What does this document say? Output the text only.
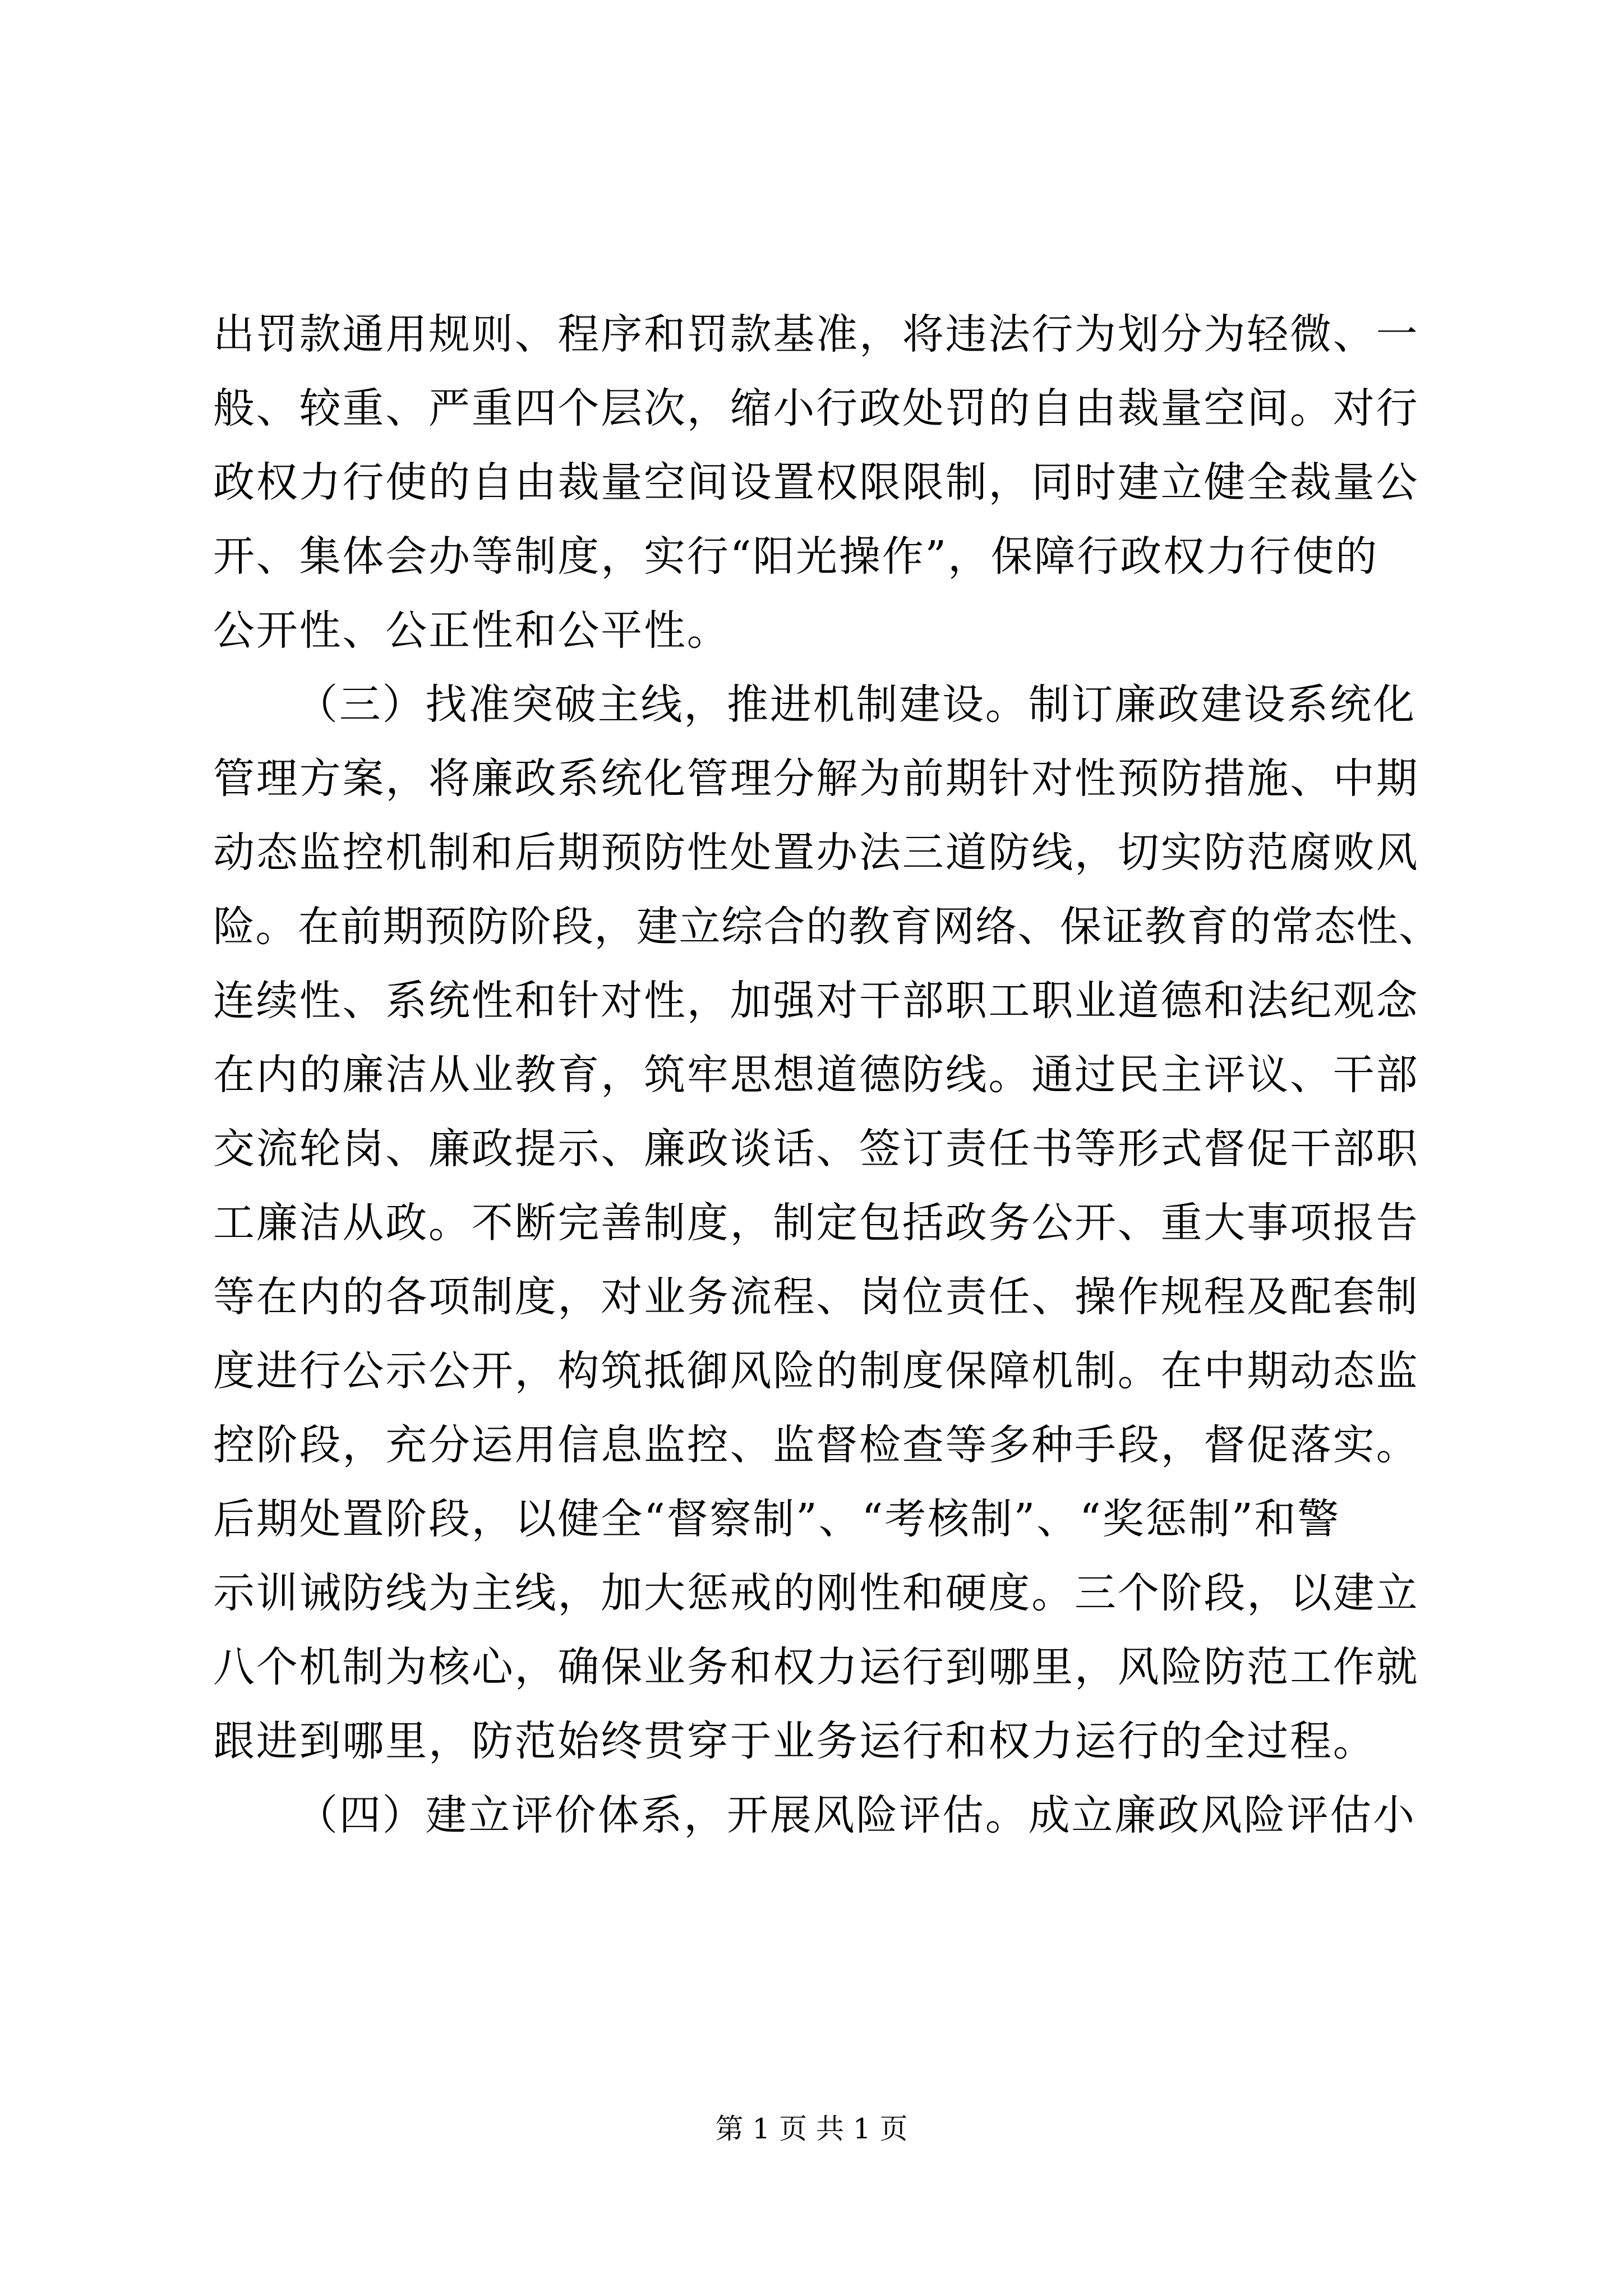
出罚款通用规则、程序和罚款基准，将违法行为划分为轻微、一
般、较重、严重四个层次，缩小行政处罚的自由裁量空间。对行
政权力行使的自由裁量空间设置权限限制，同时建立健全裁量公
开、集体会办等制度，实行“阳光操作”，保障行政权力行使的
公开性、公正性和公平性。
（三）找准突破主线，推进机制建设。制订廉政建设系统化
管理方案，将廉政系统化管理分解为前期针对性预防措施、中期
动态监控机制和后期预防性处置办法三道防线，切实防范腐败风
险。在前期预防阶段，建立综合的教育网络、保证教育的常态性、
连续性、系统性和针对性，加强对干部职工职业道德和法纪观念
在内的廉洁从业教育，筑牢思想道德防线。通过民主评议、干部
交流轮岗、廉政提示、廉政谈话、签订责任书等形式督促干部职
工廉洁从政。不断完善制度，制定包括政务公开、重大事项报告
等在内的各项制度，对业务流程、岗位责任、操作规程及配套制
度进行公示公开，构筑抵御风险的制度保障机制。在中期动态监
控阶段，充分运用信息监控、监督检查等多种手段，督促落实。
后期处置阶段，以健全“督察制”、“考核制”、“奖惩制”和警
示训诫防线为主线，加大惩戒的刚性和硬度。三个阶段，以建立
八个机制为核心，确保业务和权力运行到哪里，风险防范工作就
跟进到哪里，防范始终贯穿于业务运行和权力运行的全过程。
（四）建立评价体系，开展风险评估。成立廉政风险评估小
第 1 页 共 1 页
